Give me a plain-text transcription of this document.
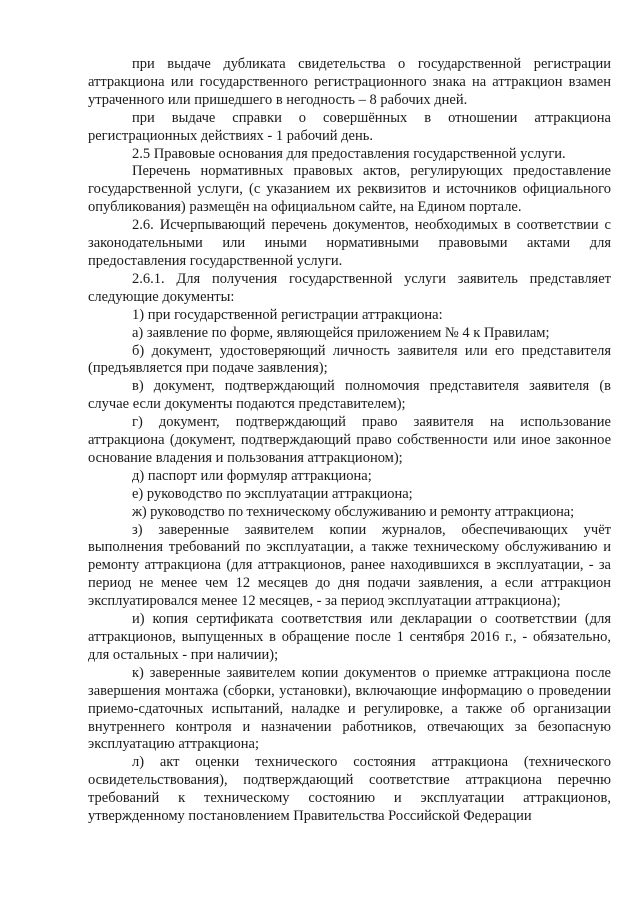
при выдаче дубликата свидетельства о государственной регистрации аттракциона или государственного регистрационного знака на аттракцион взамен утраченного или пришедшего в негодность – 8 рабочих дней.

при выдаче справки о совершённых в отношении аттракциона регистрационных действиях - 1 рабочий день.

2.5 Правовые основания для предоставления государственной услуги.

Перечень нормативных правовых актов, регулирующих предоставление государственной услуги, (с указанием их реквизитов и источников официального опубликования) размещён на официальном сайте, на Едином портале.

2.6. Исчерпывающий перечень документов, необходимых в соответствии с законодательными или иными нормативными правовыми актами для предоставления государственной услуги.

2.6.1. Для получения государственной услуги заявитель представляет следующие документы:

1) при государственной регистрации аттракциона:

а) заявление по форме, являющейся приложением № 4 к Правилам;

б) документ, удостоверяющий личность заявителя или его представителя (предъявляется при подаче заявления);

в) документ, подтверждающий полномочия представителя заявителя (в случае если документы подаются представителем);

г) документ, подтверждающий право заявителя на использование аттракциона (документ, подтверждающий право собственности или иное законное основание владения и пользования аттракционом);

д) паспорт или формуляр аттракциона;

е) руководство по эксплуатации аттракциона;

ж) руководство по техническому обслуживанию и ремонту аттракциона;

з) заверенные заявителем копии журналов, обеспечивающих учёт выполнения требований по эксплуатации, а также техническому обслуживанию и ремонту аттракциона (для аттракционов, ранее находившихся в эксплуатации, - за период не менее чем 12 месяцев до дня подачи заявления, а если аттракцион эксплуатировался менее 12 месяцев, - за период эксплуатации аттракциона);

и) копия сертификата соответствия или декларации о соответствии (для аттракционов, выпущенных в обращение после 1 сентября 2016 г., - обязательно, для остальных - при наличии);

к) заверенные заявителем копии документов о приемке аттракциона после завершения монтажа (сборки, установки), включающие информацию о проведении приемо-сдаточных испытаний, наладке и регулировке, а также об организации внутреннего контроля и назначении работников, отвечающих за безопасную эксплуатацию аттракциона;

л) акт оценки технического состояния аттракциона (технического освидетельствования), подтверждающий соответствие аттракциона перечню требований к техническому состоянию и эксплуатации аттракционов, утвержденному постановлением Правительства Российской Федерации
